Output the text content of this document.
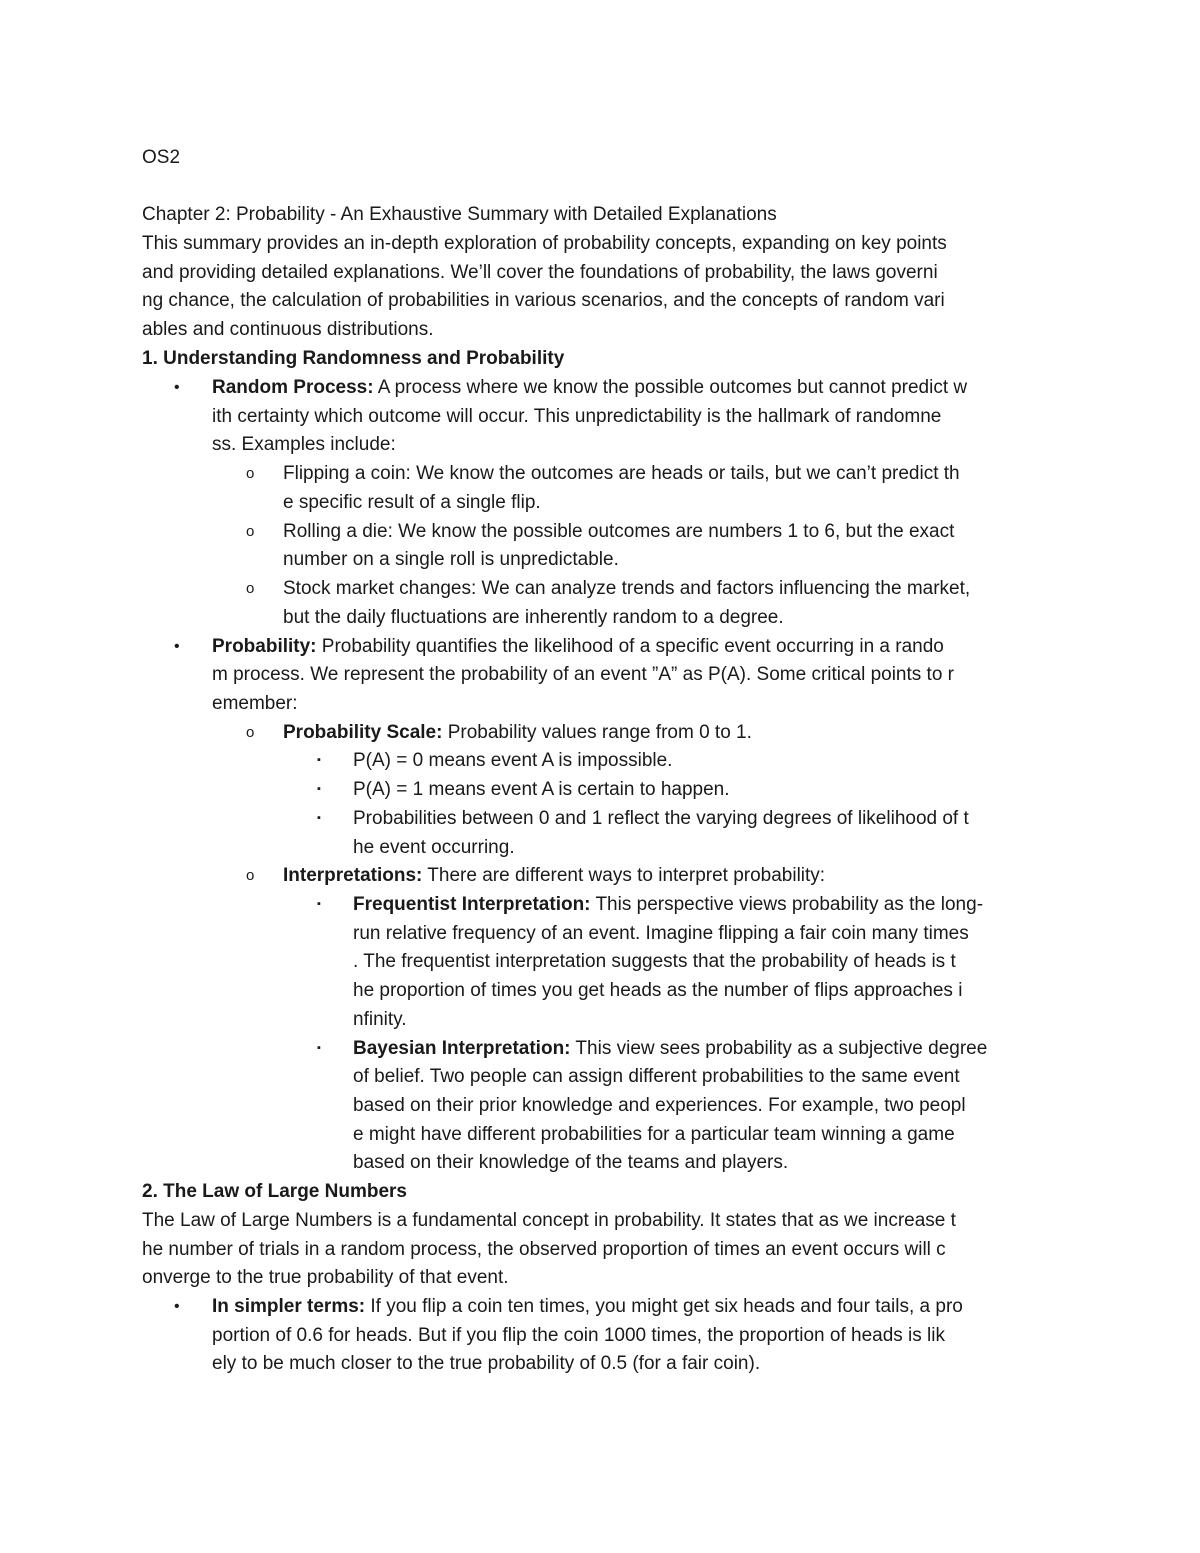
OS2
Chapter 2: Probability - An Exhaustive Summary with Detailed Explanations
This summary provides an in-depth exploration of probability concepts, expanding on key points
and providing detailed explanations. We’ll cover the foundations of probability, the laws governi
ng chance, the calculation of probabilities in various scenarios, and the concepts of random vari
ables and continuous distributions.
1. Understanding Randomness and Probability
• Random Process: A process where we know the possible outcomes but cannot predict w
ith certainty which outcome will occur. This unpredictability is the hallmark of randomne
ss. Examples include:
o Flipping a coin: We know the outcomes are heads or tails, but we can’t predict th
e specific result of a single flip.
o Rolling a die: We know the possible outcomes are numbers 1 to 6, but the exact
number on a single roll is unpredictable.
o Stock market changes: We can analyze trends and factors influencing the market,
but the daily fluctuations are inherently random to a degree.
• Probability: Probability quantifies the likelihood of a specific event occurring in a rando
m process. We represent the probability of an event ”A” as P(A). Some critical points to r
emember:
o Probability Scale: Probability values range from 0 to 1.
▪ P(A) = 0 means event A is impossible.
▪ P(A) = 1 means event A is certain to happen.
▪ Probabilities between 0 and 1 reflect the varying degrees of likelihood of t
he event occurring.
o Interpretations: There are different ways to interpret probability:
▪ Frequentist Interpretation: This perspective views probability as the long-
run relative frequency of an event. Imagine flipping a fair coin many times
. The frequentist interpretation suggests that the probability of heads is t
he proportion of times you get heads as the number of flips approaches i
nfinity.
▪ Bayesian Interpretation: This view sees probability as a subjective degree
of belief. Two people can assign different probabilities to the same event
based on their prior knowledge and experiences. For example, two peopl
e might have different probabilities for a particular team winning a game
based on their knowledge of the teams and players.
2. The Law of Large Numbers
The Law of Large Numbers is a fundamental concept in probability. It states that as we increase t
he number of trials in a random process, the observed proportion of times an event occurs will c
onverge to the true probability of that event.
• In simpler terms: If you flip a coin ten times, you might get six heads and four tails, a pro
portion of 0.6 for heads. But if you flip the coin 1000 times, the proportion of heads is lik
ely to be much closer to the true probability of 0.5 (for a fair coin).
